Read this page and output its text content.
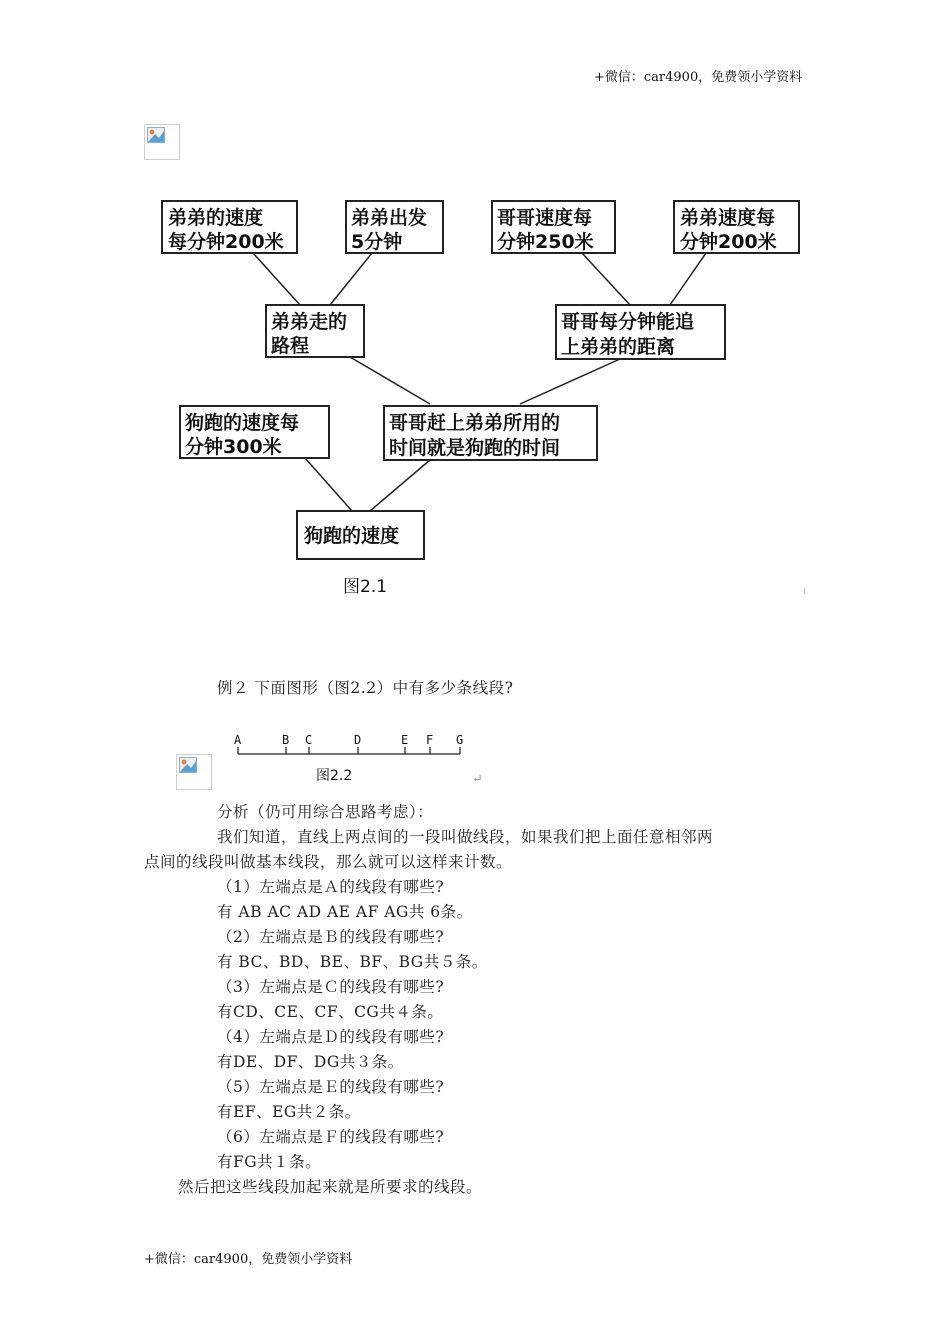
+微信：car4900，免费领小学资料
弟弟的速度
每分钟200米
弟弟出发
5分钟
哥哥速度每
分钟250米
弟弟速度每
分钟200米
弟弟走的
路程
哥哥每分钟能追
上弟弟的距离
狗跑的速度每
分钟300米
哥哥赶上弟弟所用的
时间就是狗跑的时间
狗跑的速度
图2.1
例２ 下面图形（图2.2）中有多少条线段?
A	B C	D	E F G
图2.2	↵
分析（仍可用综合思路考虑）：
我们知道，直线上两点间的一段叫做线段，如果我们把上面任意相邻两
点间的线段叫做基本线段，那么就可以这样来计数。
（1）左端点是Ａ的线段有哪些?
有 AB AC AD AE AF AG共 6条。
（2）左端点是Ｂ的线段有哪些?
有 BC、BD、BE、BF、BG共５条。
（3）左端点是Ｃ的线段有哪些?
有CD、CE、CF、CG共４条。
（4）左端点是Ｄ的线段有哪些?
有DE、DF、DG共３条。
（5）左端点是Ｅ的线段有哪些?
有EF、EG共２条。
（6）左端点是Ｆ的线段有哪些?
有FG共１条。
然后把这些线段加起来就是所要求的线段。
+微信：car4900，免费领小学资料
